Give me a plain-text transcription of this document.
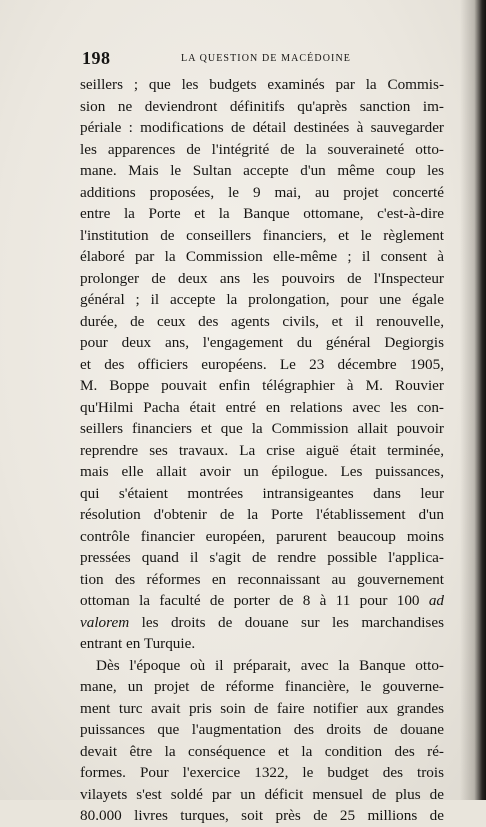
198	LA QUESTION DE MACÉDOINE
seillers ; que les budgets examinés par la Commis-
sion ne deviendront définitifs qu'après sanction im-
périale : modifications de détail destinées à sauvegarder
les apparences de l'intégrité de la souveraineté otto-
mane. Mais le Sultan accepte d'un même coup les
additions proposées, le 9 mai, au projet concerté
entre la Porte et la Banque ottomane, c'est-à-dire
l'institution de conseillers financiers, et le règlement
élaboré par la Commission elle-même ; il consent à
prolonger de deux ans les pouvoirs de l'Inspecteur
général ; il accepte la prolongation, pour une égale
durée, de ceux des agents civils, et il renouvelle,
pour deux ans, l'engagement du général Degiorgis
et des officiers européens. Le 23 décembre 1905,
M. Boppe pouvait enfin télégraphier à M. Rouvier
qu'Hilmi Pacha était entré en relations avec les con-
seillers financiers et que la Commission allait pouvoir
reprendre ses travaux. La crise aiguë était terminée,
mais elle allait avoir un épilogue. Les puissances,
qui s'étaient montrées intransigeantes dans leur
résolution d'obtenir de la Porte l'établissement d'un
contrôle financier européen, parurent beaucoup moins
pressées quand il s'agit de rendre possible l'applica-
tion des réformes en reconnaissant au gouvernement
ottoman la faculté de porter de 8 à 11 pour 100 ad
valorem les droits de douane sur les marchandises
entrant en Turquie.
Dès l'époque où il préparait, avec la Banque otto-
mane, un projet de réforme financière, le gouverne-
ment turc avait pris soin de faire notifier aux grandes
puissances que l'augmentation des droits de douane
devait être la conséquence et la condition des ré-
formes. Pour l'exercice 1322, le budget des trois
vilayets s'est soldé par un déficit mensuel de plus de
80.000 livres turques, soit près de 25 millions de
